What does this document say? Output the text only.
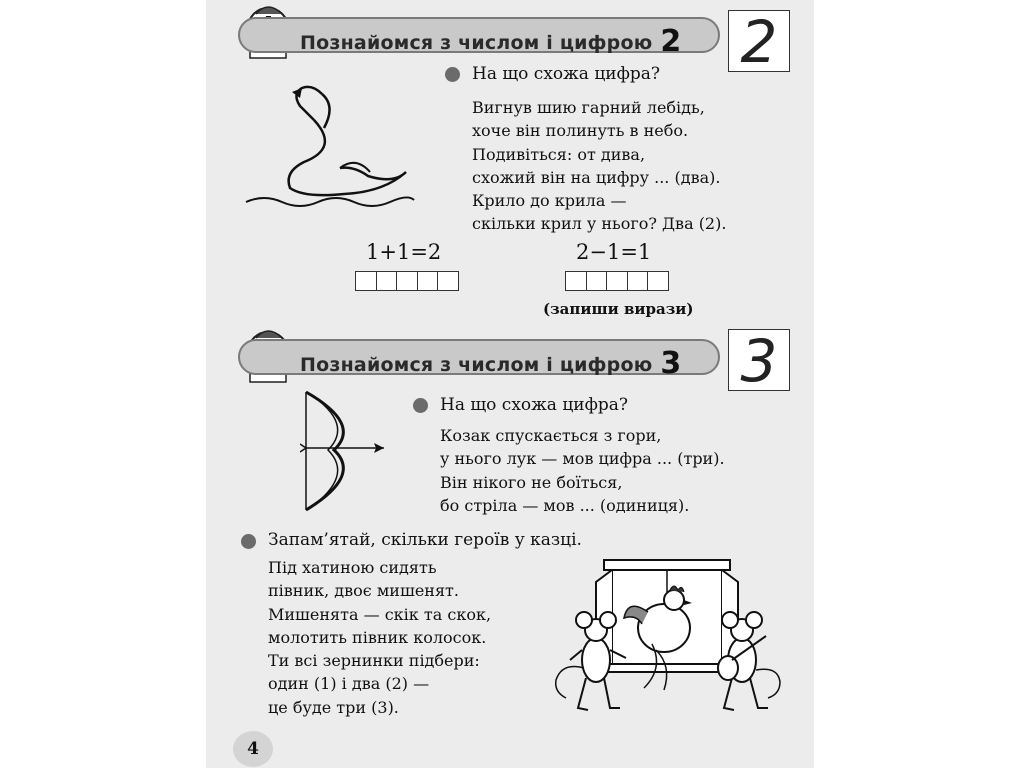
Познайомся з числом і цифрою 2 2
На що схожа цифра?
Вигнув шию гарний лебідь,
хоче він полинуть в небо.
Подивіться: от дива,
схожий він на цифру ... (два).
Крило до крила —
скільки крил у нього? Два (2).
1+1=2	2−1=1
(запиши вирази)
Познайомся з числом і цифрою 3 3
На що схожа цифра?
Козак спускається з гори,
у нього лук — мов цифра ... (три).
Він нікого не боїться,
бо стріла — мов ... (одиниця).
Запам’ятай, скільки героїв у казці.
Під хатиною сидять
півник, двоє мишенят.
Мишенята — скік та скок,
молотить півник колосок.
Ти всі зернинки підбери:
один (1) і два (2) —
це буде три (3).
4
